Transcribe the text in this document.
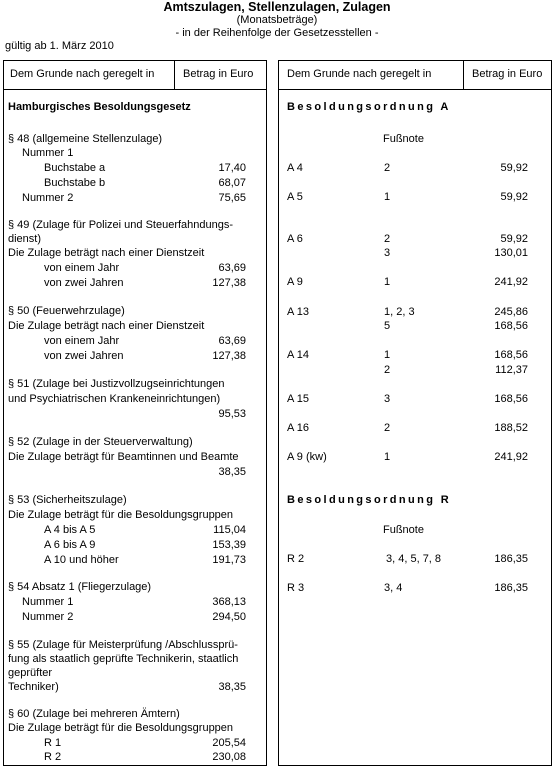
Amtszulagen, Stellenzulagen, Zulagen
(Monatsbeträge)
- in der Reihenfolge der Gesetzesstellen -
gültig ab 1. März 2010
Dem Grunde nach geregelt in	Betrag in Euro	Dem Grunde nach geregelt in	Betrag in Euro
Hamburgisches Besoldungsgesetz
§ 48 (allgemeine Stellenzulage)
Nummer 1
Buchstabe a	17,40
Buchstabe b	68,07
Nummer 2	75,65
§ 49 (Zulage für Polizei und Steuerfahndungs-
dienst)
Die Zulage beträgt nach einer Dienstzeit
von einem Jahr	63,69
von zwei Jahren	127,38
§ 50 (Feuerwehrzulage)
Die Zulage beträgt nach einer Dienstzeit
von einem Jahr	63,69
von zwei Jahren	127,38
§ 51 (Zulage bei Justizvollzugseinrichtungen
und Psychiatrischen Krankeneinrichtungen)
95,53
§ 52 (Zulage in der Steuerverwaltung)
Die Zulage beträgt für Beamtinnen und Beamte
38,35
§ 53 (Sicherheitszulage)
Die Zulage beträgt für die Besoldungsgruppen
A 4 bis A 5	115,04
A 6 bis A 9	153,39
A 10 und höher	191,73
§ 54 Absatz 1 (Fliegerzulage)
Nummer 1	368,13
Nummer 2	294,50
§ 55 (Zulage für Meisterprüfung /Abschlussprü-
fung als staatlich geprüfte Technikerin, staatlich
geprüfter
Techniker)	38,35
§ 60 (Zulage bei mehreren Ämtern)
Die Zulage beträgt für die Besoldungsgruppen
R 1	205,54
R 2	230,08
Besoldungsordnung A
Fußnote
A 4	2	59,92
A 5	1	59,92
A 6	2	59,92
3	130,01
A 9	1	241,92
A 13	1, 2, 3	245,86
5	168,56
A 14	1	168,56
2	112,37
A 15	3	168,56
A 16	2	188,52
A 9 (kw)	1	241,92
Besoldungsordnung R
Fußnote
R 2	3, 4, 5, 7, 8	186,35
R 3	3, 4	186,35
